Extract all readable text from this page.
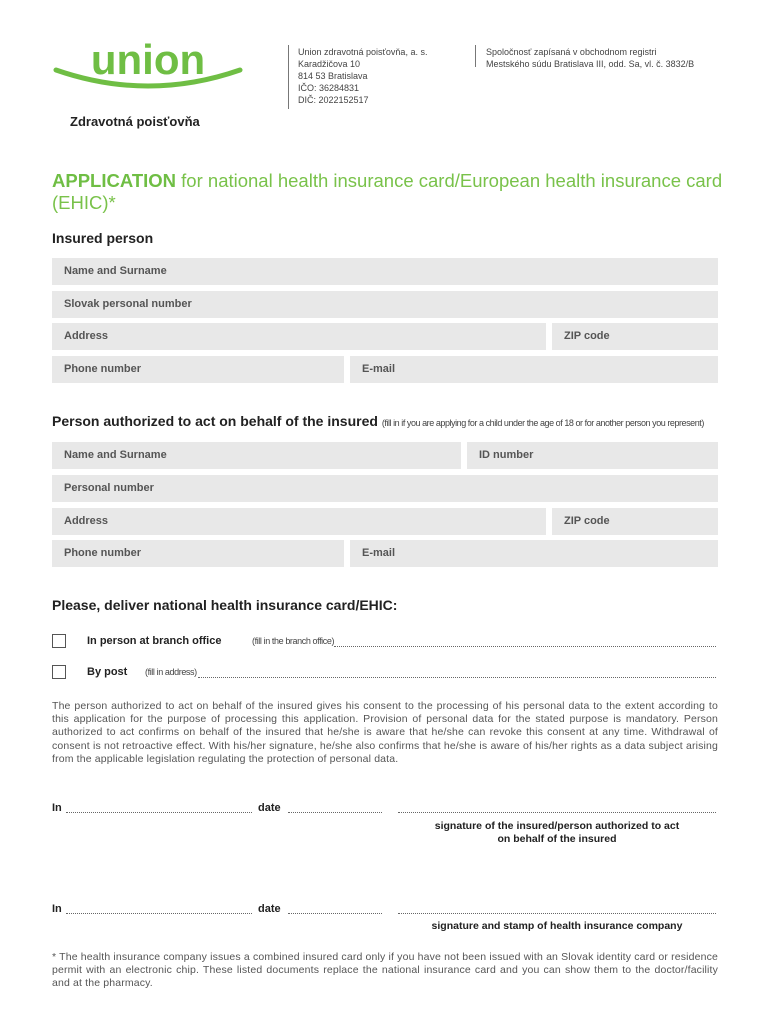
union
Zdravotná poisťovňa
Union zdravotná poisťovňa, a. s.
Karadžičova 10
814 53 Bratislava
IČO: 36284831
DIČ: 2022152517
Spoločnosť zapísaná v obchodnom registri
Mestského súdu Bratislava III, odd. Sa, vl. č. 3832/B
APPLICATION for national health insurance card/European health insurance card (EHIC)*
Insured person
Name and Surname
Slovak personal number
Address	ZIP code
Phone number	E-mail
Person authorized to act on behalf of the insured (fill in if you are applying for a child under the age of 18 or for another person you represent)
Name and Surname	ID number
Personal number
Address	ZIP code
Phone number	E-mail
Please, deliver national health insurance card/EHIC:
In person at branch office	(fill in the branch office)
By post (fill in address)
The person authorized to act on behalf of the insured gives his consent to the processing of his personal data to the extent according to this application for the purpose of processing this application. Provision of personal data for the stated purpose is mandatory. Person authorized to act confirms on behalf of the insured that he/she is aware that he/she can revoke this consent at any time. Withdrawal of consent is not retroactive effect. With his/her signature, he/she also confirms that he/she is aware of his/her rights as a data subject arising from the applicable legislation regulating the protection of personal data.
In	date
signature of the insured/person authorized to act
on behalf of the insured
In	date
signature and stamp of health insurance company
* The health insurance company issues a combined insured card only if you have not been issued with an Slovak identity card or residence permit with an electronic chip. These listed documents replace the national insurance card and you can show them to the doctor/facility and at the pharmacy.
